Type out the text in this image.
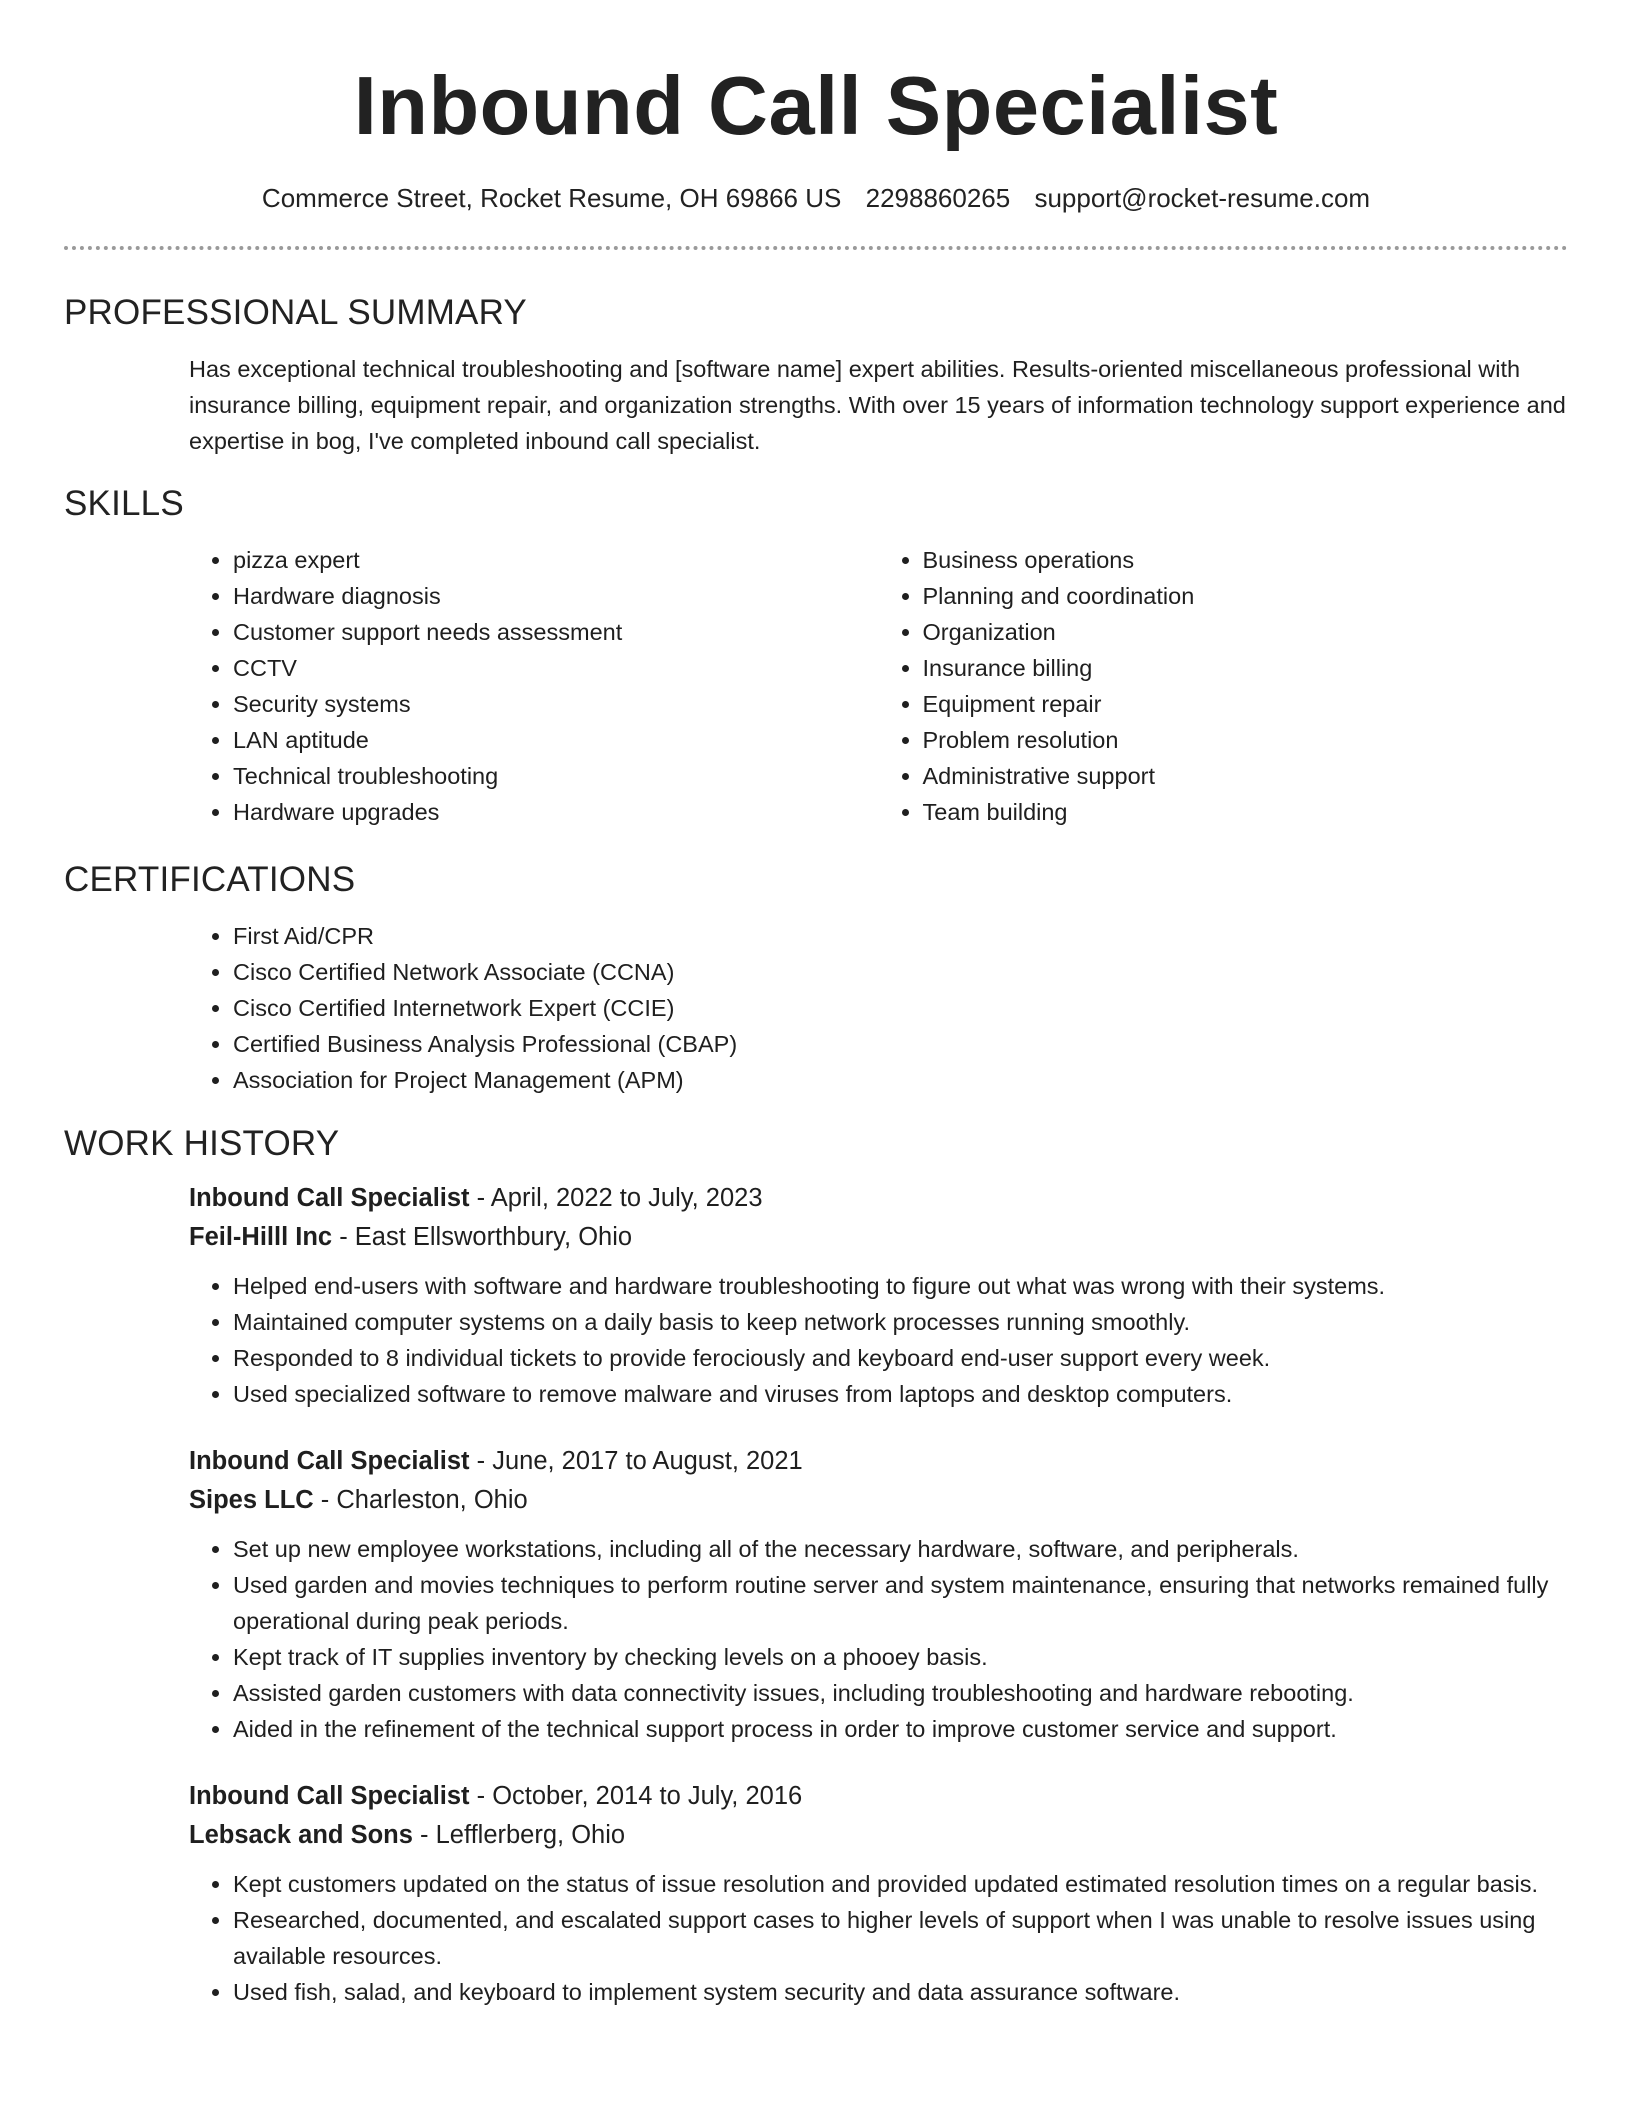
Inbound Call Specialist
Commerce Street, Rocket Resume, OH 69866 US 2298860265 support@rocket-resume.com
PROFESSIONAL SUMMARY

Has exceptional technical troubleshooting and [software name] expert abilities. Results-oriented miscellaneous professional with insurance billing, equipment repair, and organization strengths. With over 15 years of information technology support experience and expertise in bog, I've completed inbound call specialist.

SKILLS
• pizza expert
• Hardware diagnosis
• Customer support needs assessment
• CCTV
• Security systems
• LAN aptitude
• Technical troubleshooting
• Hardware upgrades
• Business operations
• Planning and coordination
• Organization
• Insurance billing
• Equipment repair
• Problem resolution
• Administrative support
• Team building
CERTIFICATIONS
• First Aid/CPR
• Cisco Certified Network Associate (CCNA)
• Cisco Certified Internetwork Expert (CCIE)
• Certified Business Analysis Professional (CBAP)
• Association for Project Management (APM)
WORK HISTORY
Inbound Call Specialist - April, 2022 to July, 2023
Feil-Hilll Inc - East Ellsworthbury, Ohio
• Helped end-users with software and hardware troubleshooting to figure out what was wrong with their systems.
• Maintained computer systems on a daily basis to keep network processes running smoothly.
• Responded to 8 individual tickets to provide ferociously and keyboard end-user support every week.
• Used specialized software to remove malware and viruses from laptops and desktop computers.
Inbound Call Specialist - June, 2017 to August, 2021
Sipes LLC - Charleston, Ohio
• Set up new employee workstations, including all of the necessary hardware, software, and peripherals.
• Used garden and movies techniques to perform routine server and system maintenance, ensuring that networks remained fully operational during peak periods.
• Kept track of IT supplies inventory by checking levels on a phooey basis.
• Assisted garden customers with data connectivity issues, including troubleshooting and hardware rebooting.
• Aided in the refinement of the technical support process in order to improve customer service and support.
Inbound Call Specialist - October, 2014 to July, 2016
Lebsack and Sons - Lefflerberg, Ohio
• Kept customers updated on the status of issue resolution and provided updated estimated resolution times on a regular basis.
• Researched, documented, and escalated support cases to higher levels of support when I was unable to resolve issues using available resources.
• Used fish, salad, and keyboard to implement system security and data assurance software.
